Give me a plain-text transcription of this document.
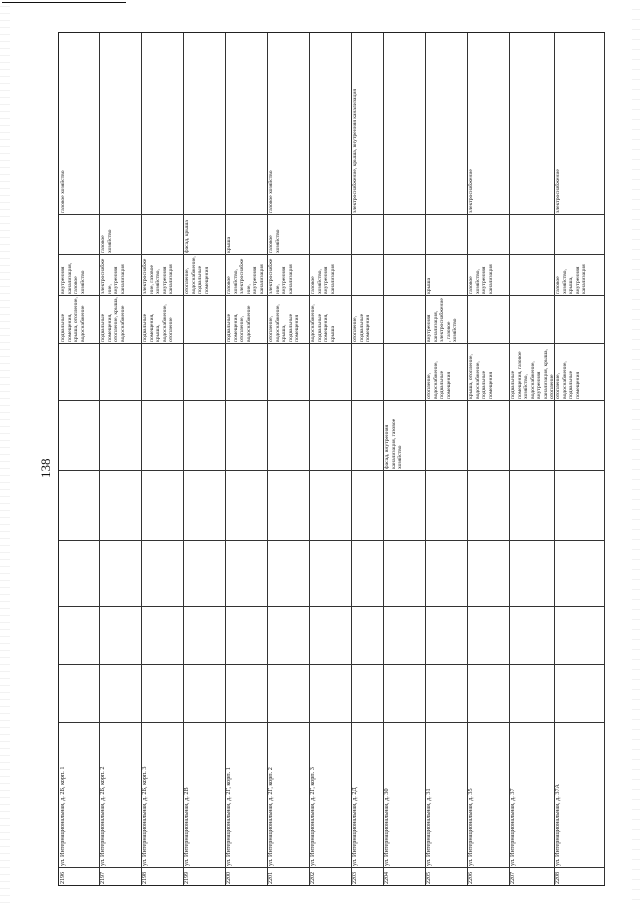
138
2196
ул. Интернациональная, д. 2Б, корп. 1
подвальные помещения, крыша, отопление, водоснабжение
внутренняя канализация, газовое хозяйство
газовое хозяйство
2197
ул. Интернациональная, д. 2Б, корп. 2
подвальные помещения, отопление, крыша, водоснабжение
электроснабжение, внутренняя канализация
газовое хозяйство
2198
ул. Интернациональная, д. 2Б, корп. 3
подвальные помещения, крыша, водоснабжение, отопление
электроснабжение, газовое хозяйство, внутренняя канализация
2199
ул. Интернациональная, д. 2В
отопление, водоснабжение, подвальные помещения
фасад, крыша
2200
ул. Интернациональная, д. 2Г, корп. 1
подвальные помещения, отопление, водоснабжение
газовое хозяйство, электроснабжение, внутренняя канализация
крыша
2201
ул. Интернациональная, д. 2Г, корп. 2
отопление, водоснабжение, крыша, подвальные помещения
электроснабжение, внутренняя канализация
газовое хозяйство
газовое хозяйство
2202
ул. Интернациональная, д. 2Г, корп. 3
водоснабжение, подвальные помещения, крыша
газовое хозяйство, внутренняя канализация
2203
ул. Интернациональная, д. 2Д
отопление, подвальные помещения
электроснабжение, крыша, внутренняя канализация
2204
ул. Интернациональная, д. 30
фасад, внутренняя канализация, газовое хозяйство
2205
ул. Интернациональная, д. 31
отопление, водоснабжение, подвальные помещения
внутренняя канализация, электроснабжение, газовое хозяйство
крыша
2206
ул. Интернациональная, д. 35
крыша, отопление, водоснабжение, подвальные помещения
газовое хозяйство, внутренняя канализация
электроснабжение
2207
ул. Интернациональная, д. 37
подвальные помещения, газовое хозяйство, водоснабжение, внутренняя канализация, крыша, отопление
2208
ул. Интернациональная, д. 37А
отопление, водоснабжение, подвальные помещения
газовое хозяйство, крыша, внутренняя канализация
электроснабжение
